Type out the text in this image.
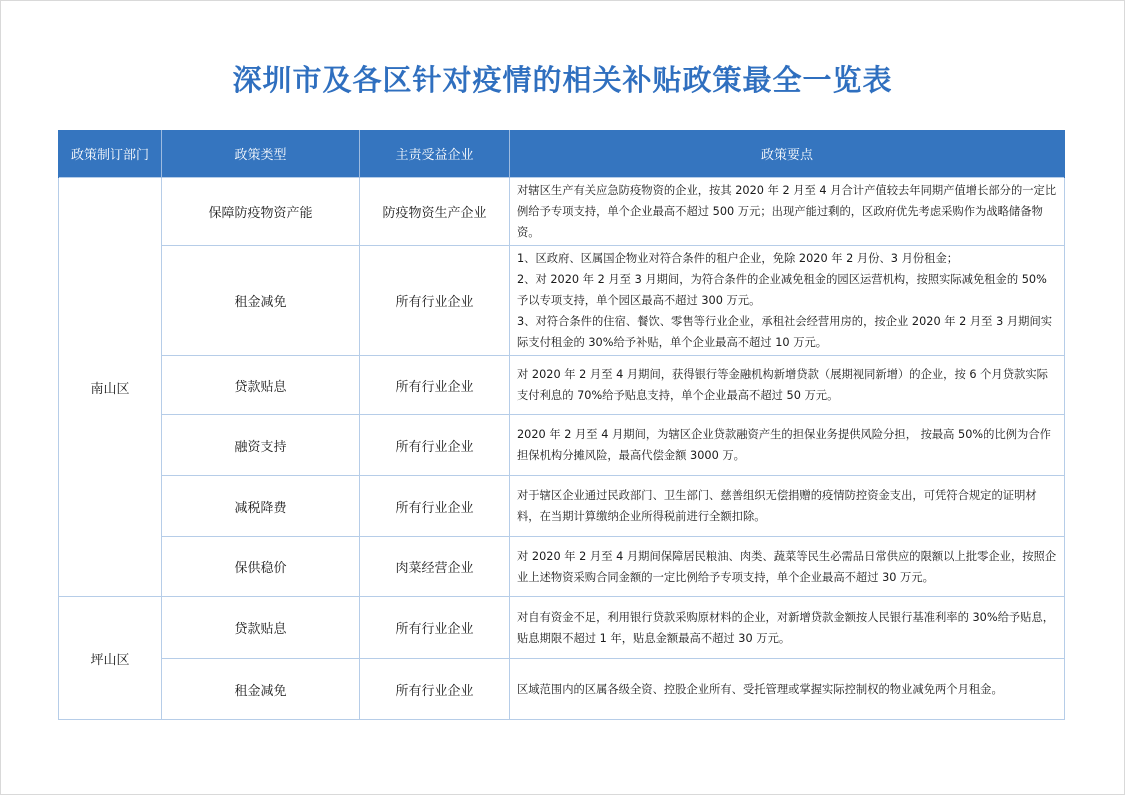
深圳市及各区针对疫情的相关补贴政策最全一览表
政策制订部门	政策类型	主责受益企业	政策要点
南山区	保障防疫物资产能	防疫物资生产企业	对辖区生产有关应急防疫物资的企业，按其 2020 年 2 月至 4 月合计产值较去年同期产值增长部分的一定比例给予专项支持，单个企业最高不超过 500 万元；出现产能过剩的，区政府优先考虑采购作为战略储备物资。

	租金减免	所有行业企业	1、区政府、区属国企物业对符合条件的租户企业，免除 2020 年 2 月份、3 月份租金；
2、对 2020 年 2 月至 3 月期间，为符合条件的企业减免租金的园区运营机构，按照实际减免租金的 50% 予以专项支持，单个园区最高不超过 300 万元。
3、对符合条件的住宿、餐饮、零售等行业企业，承租社会经营用房的，按企业 2020 年 2 月至 3 月期间实际支付租金的 30%给予补贴，单个企业最高不超过 10 万元。

	贷款贴息	所有行业企业	对 2020 年 2 月至 4 月期间，获得银行等金融机构新增贷款（展期视同新增）的企业，按 6 个月贷款实际支付利息的 70%给予贴息支持，单个企业最高不超过 50 万元。

	融资支持	所有行业企业	2020 年 2 月至 4 月期间，为辖区企业贷款融资产生的担保业务提供风险分担， 按最高 50%的比例为合作担保机构分摊风险，最高代偿金额 3000 万。

	减税降费	所有行业企业	对于辖区企业通过民政部门、卫生部门、慈善组织无偿捐赠的疫情防控资金支出，可凭符合规定的证明材料，在当期计算缴纳企业所得税前进行全额扣除。

	保供稳价	肉菜经营企业	对 2020 年 2 月至 4 月期间保障居民粮油、肉类、蔬菜等民生必需品日常供应的限额以上批零企业，按照企业上述物资采购合同金额的一定比例给予专项支持，单个企业最高不超过 30 万元。

坪山区	贷款贴息	所有行业企业	对自有资金不足，利用银行贷款采购原材料的企业，对新增贷款金额按人民银行基准利率的 30%给予贴息，贴息期限不超过 1 年，贴息金额最高不超过 30 万元。

	租金减免	所有行业企业	区域范围内的区属各级全资、控股企业所有、受托管理或掌握实际控制权的物业减免两个月租金。
